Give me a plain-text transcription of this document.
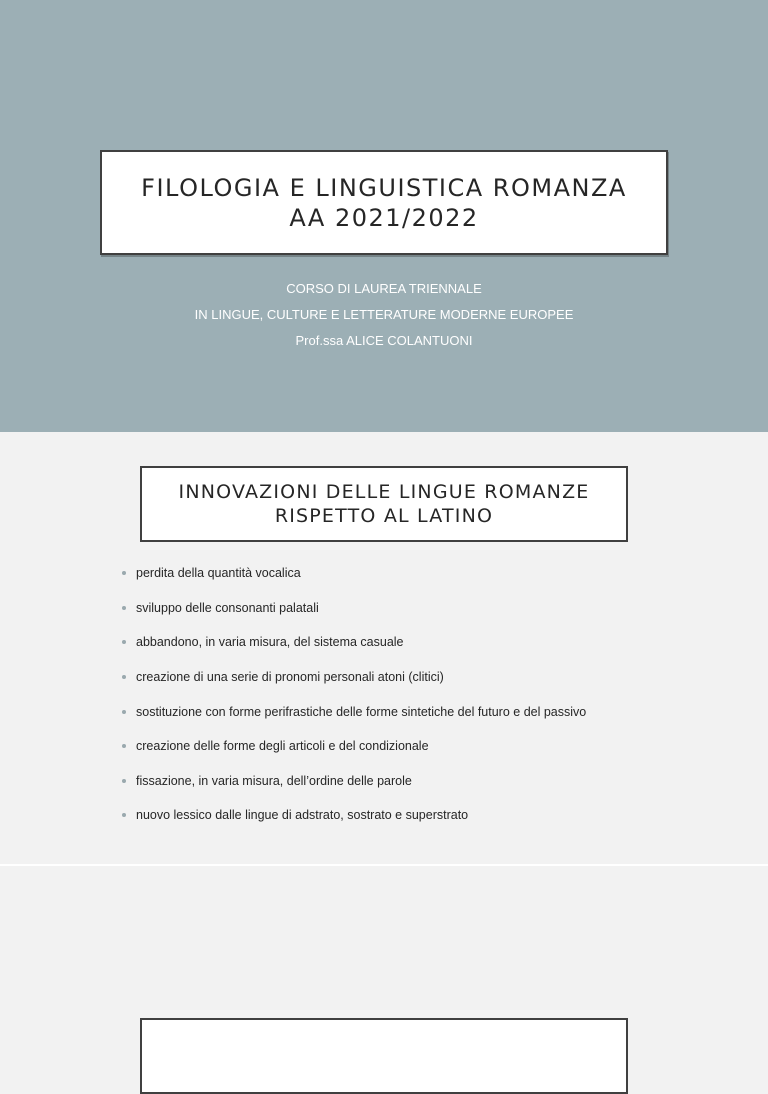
FILOLOGIA E LINGUISTICA ROMANZA
AA 2021/2022
CORSO DI LAUREA TRIENNALE
IN LINGUE, CULTURE E LETTERATURE MODERNE EUROPEE
Prof.ssa ALICE COLANTUONI
INNOVAZIONI DELLE LINGUE ROMANZE
RISPETTO AL LATINO
perdita della quantità vocalica
sviluppo delle consonanti palatali
abbandono, in varia misura, del sistema casuale
creazione di una serie di pronomi personali atoni (clitici)
sostituzione con forme perifrastiche delle forme sintetiche del futuro e del passivo
creazione delle forme degli articoli e del condizionale
fissazione, in varia misura, dell’ordine delle parole
nuovo lessico dalle lingue di adstrato, sostrato e superstrato
